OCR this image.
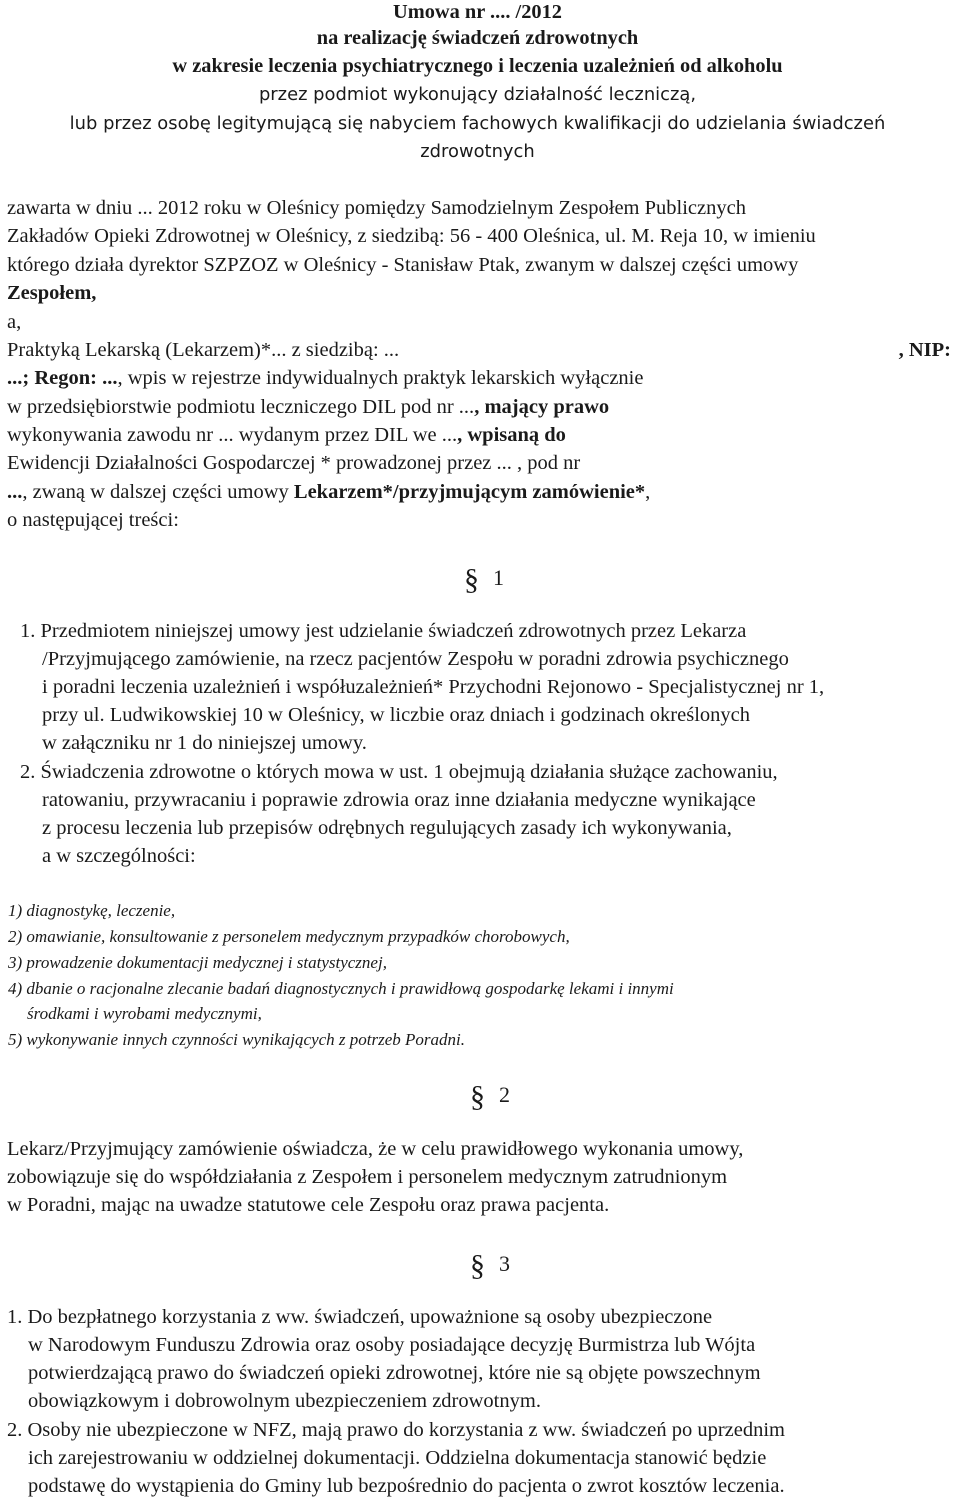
Umowa nr .... /2012
na realizację świadczeń zdrowotnych
w zakresie leczenia psychiatrycznego i leczenia uzależnień od alkoholu
przez podmiot wykonujący działalność leczniczą,
lub przez osobę legitymującą się nabyciem fachowych kwalifikacji do udzielania świadczeń
zdrowotnych
zawarta w dniu ... 2012 roku w Oleśnicy pomiędzy Samodzielnym Zespołem Publicznych
Zakładów Opieki Zdrowotnej w Oleśnicy, z siedzibą: 56 - 400 Oleśnica, ul. M. Reja 10, w imieniu
którego działa dyrektor SZPZOZ w Oleśnicy - Stanisław Ptak, zwanym w dalszej części umowy
Zespołem,
a,
Praktyką Lekarską (Lekarzem)*... z siedzibą: ...	, NIP:
...; Regon: ..., wpis w rejestrze indywidualnych praktyk lekarskich wyłącznie
w przedsiębiorstwie podmiotu leczniczego DIL pod nr ..., mający prawo
wykonywania zawodu nr ... wydanym przez DIL we ..., wpisaną do
Ewidencji Działalności Gospodarczej * prowadzonej przez ... , pod nr
..., zwaną w dalszej części umowy Lekarzem*/przyjmującym zamówienie*,
o następującej treści:
§ 1
1. Przedmiotem niniejszej umowy jest udzielanie świadczeń zdrowotnych przez Lekarza
/Przyjmującego zamówienie, na rzecz pacjentów Zespołu w poradni zdrowia psychicznego
i poradni leczenia uzależnień i współuzależnień* Przychodni Rejonowo - Specjalistycznej nr 1,
przy ul. Ludwikowskiej 10 w Oleśnicy, w liczbie oraz dniach i godzinach określonych
w załączniku nr 1 do niniejszej umowy.
2. Świadczenia zdrowotne o których mowa w ust. 1 obejmują działania służące zachowaniu,
ratowaniu, przywracaniu i poprawie zdrowia oraz inne działania medyczne wynikające
z procesu leczenia lub przepisów odrębnych regulujących zasady ich wykonywania,
a w szczególności:
1) diagnostykę, leczenie,
2) omawianie, konsultowanie z personelem medycznym przypadków chorobowych,
3) prowadzenie dokumentacji medycznej i statystycznej,
4) dbanie o racjonalne zlecanie badań diagnostycznych i prawidłową gospodarkę lekami i innymi
środkami i wyrobami medycznymi,
5) wykonywanie innych czynności wynikających z potrzeb Poradni.
§ 2
Lekarz/Przyjmujący zamówienie oświadcza, że w celu prawidłowego wykonania umowy,
zobowiązuje się do współdziałania z Zespołem i personelem medycznym zatrudnionym
w Poradni, mając na uwadze statutowe cele Zespołu oraz prawa pacjenta.
§ 3
1. Do bezpłatnego korzystania z ww. świadczeń, upoważnione są osoby ubezpieczone
w Narodowym Funduszu Zdrowia oraz osoby posiadające decyzję Burmistrza lub Wójta
potwierdzającą prawo do świadczeń opieki zdrowotnej, które nie są objęte powszechnym
obowiązkowym i dobrowolnym ubezpieczeniem zdrowotnym.
2. Osoby nie ubezpieczone w NFZ, mają prawo do korzystania z ww. świadczeń po uprzednim
ich zarejestrowaniu w oddzielnej dokumentacji. Oddzielna dokumentacja stanowić będzie
podstawę do wystąpienia do Gminy lub bezpośrednio do pacjenta o zwrot kosztów leczenia.
